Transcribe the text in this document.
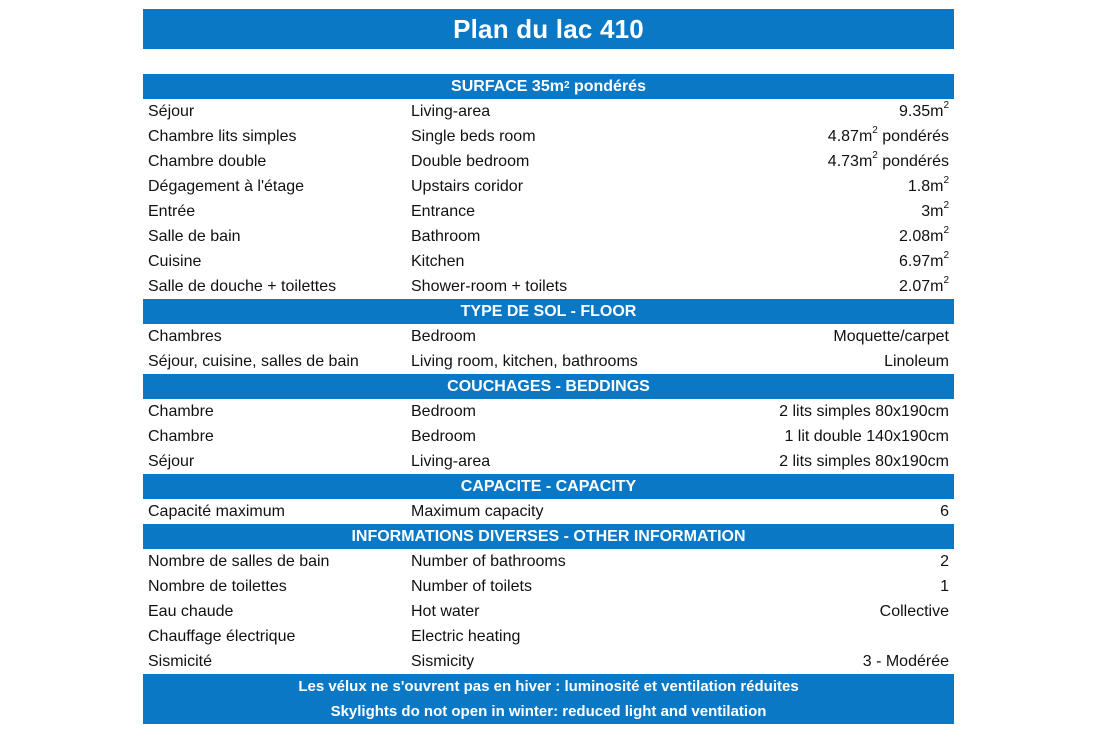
Plan du lac 410
SURFACE $35m^2$ pondérés
Séjour	Living-area	$9.35m^2$
Chambre lits simples	Single beds room	$4.87m^2$ pondérés
Chambre double	Double bedroom	$4.73m^2$ pondérés
Dégagement à l'étage	Upstairs coridor	$1.8m^2$
Entrée	Entrance	$3m^2$
Salle de bain	Bathroom	$2.08m^2$
Cuisine	Kitchen	$6.97m^2$
Salle de douche + toilettes	Shower-room + toilets	$2.07m^2$
TYPE DE SOL - FLOOR
Chambres	Bedroom	Moquette/carpet
Séjour, cuisine, salles de bain	Living room, kitchen, bathrooms	Linoleum
COUCHAGES - BEDDINGS
Chambre	Bedroom	2 lits simples 80x190cm
Chambre	Bedroom	1 lit double 140x190cm
Séjour	Living-area	2 lits simples 80x190cm
CAPACITE - CAPACITY
Capacité maximum	Maximum capacity	6
INFORMATIONS DIVERSES - OTHER INFORMATION
Nombre de salles de bain	Number of bathrooms	2
Nombre de toilettes	Number of toilets	1
Eau chaude	Hot water	Collective
Chauffage électrique	Electric heating
Sismicité	Sismicity	3 - Modérée
Les vélux ne s'ouvrent pas en hiver : luminosité et ventilation réduites
Skylights do not open in winter: reduced light and ventilation
